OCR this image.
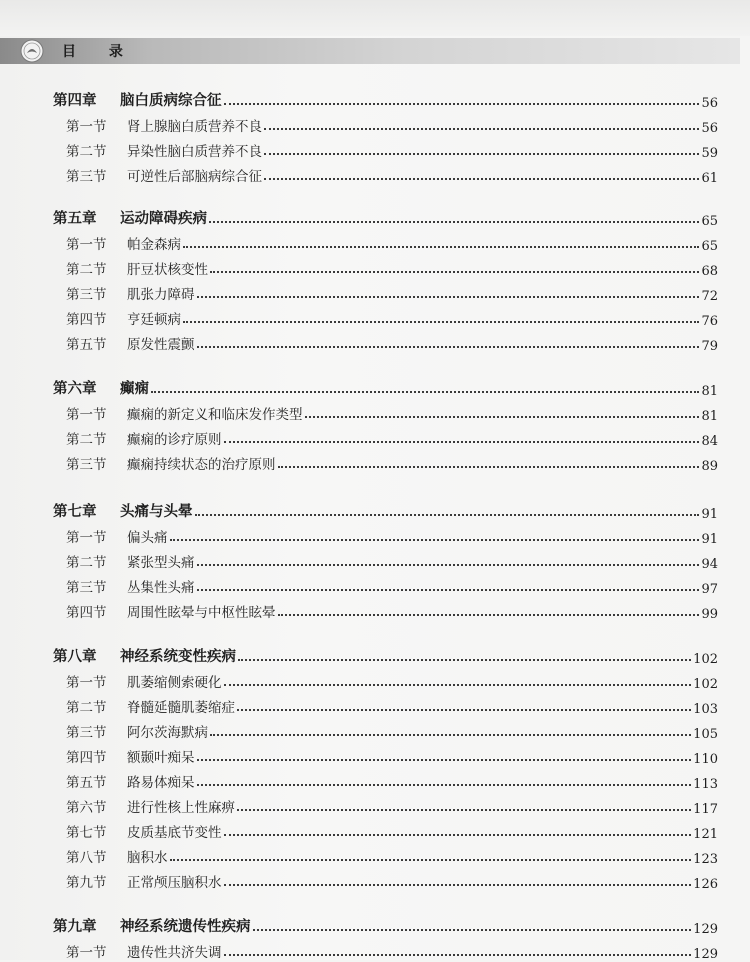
目 录
第四章	脑白质病综合征	56
第一节	肾上腺脑白质营养不良	56
第二节	异染性脑白质营养不良	59
第三节	可逆性后部脑病综合征	61
第五章	运动障碍疾病	65
第一节	帕金森病	65
第二节	肝豆状核变性	68
第三节	肌张力障碍	72
第四节	亨廷顿病	76
第五节	原发性震颤	79
第六章	癫痫	81
第一节	癫痫的新定义和临床发作类型	81
第二节	癫痫的诊疗原则	84
第三节	癫痫持续状态的治疗原则	89
第七章	头痛与头晕	91
第一节	偏头痛	91
第二节	紧张型头痛	94
第三节	丛集性头痛	97
第四节	周围性眩晕与中枢性眩晕	99
第八章	神经系统变性疾病	102
第一节	肌萎缩侧索硬化	102
第二节	脊髓延髓肌萎缩症	103
第三节	阿尔茨海默病	105
第四节	额颞叶痴呆	110
第五节	路易体痴呆	113
第六节	进行性核上性麻痹	117
第七节	皮质基底节变性	121
第八节	脑积水	123
第九节	正常颅压脑积水	126
第九章	神经系统遗传性疾病	129
第一节	遗传性共济失调	129
